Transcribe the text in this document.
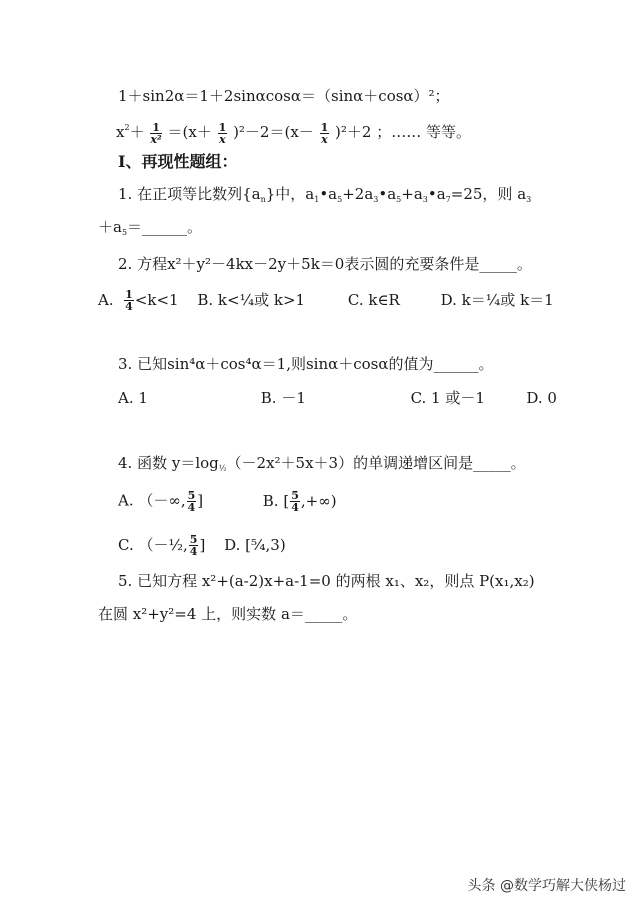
1＋sin2α＝1＋2sinαcosα＝（sinα＋cosα）²；
$x^2+ \frac{1}{\text{x²}} =(x+ \frac{1}{x} )^2-2=(x- \frac{1}{x} )^2+2$ ；…… 等等。
Ⅰ、再现性题组：
1. 在正项等比数列$\{a_n\}$中，$a_1•a_5+2a_3•a_5+a_3•a_7=25$，则 $a_3$
$+a_5=\_\_\_\_\_\_$。
2. 方程x²＋y²－4kx－2y＋5k＝0表示圆的充要条件是_____。
A. $\frac{1}{4} <k<1$ B. k<¼或 k>1	C. k∈R	D. k＝¼或 k＝1
3. 已知sin⁴α＋cos⁴α＝1,则sinα＋cosα的值为______。
A. 1	B. －1	C. 1 或－1	D. 0
4. 函数 $y=\log_{\frac{1}{2}}(-2x^2+5x+3)$的单调递增区间是_____。
A. （－∞, $\frac{5}{4}$ ]	B. [ $\frac{5}{4}$ ,+∞)
C. （－½, $\frac{5}{4}$ ] D. [⁵⁄₄,3)
5. 已知方程 x²+(a-2)x+a-1=0 的两根 x₁、x₂，则点 P(x₁,x₂)
在圆 x²+y²=4 上，则实数 a＝_____。
头条 @数学巧解大侠杨过
